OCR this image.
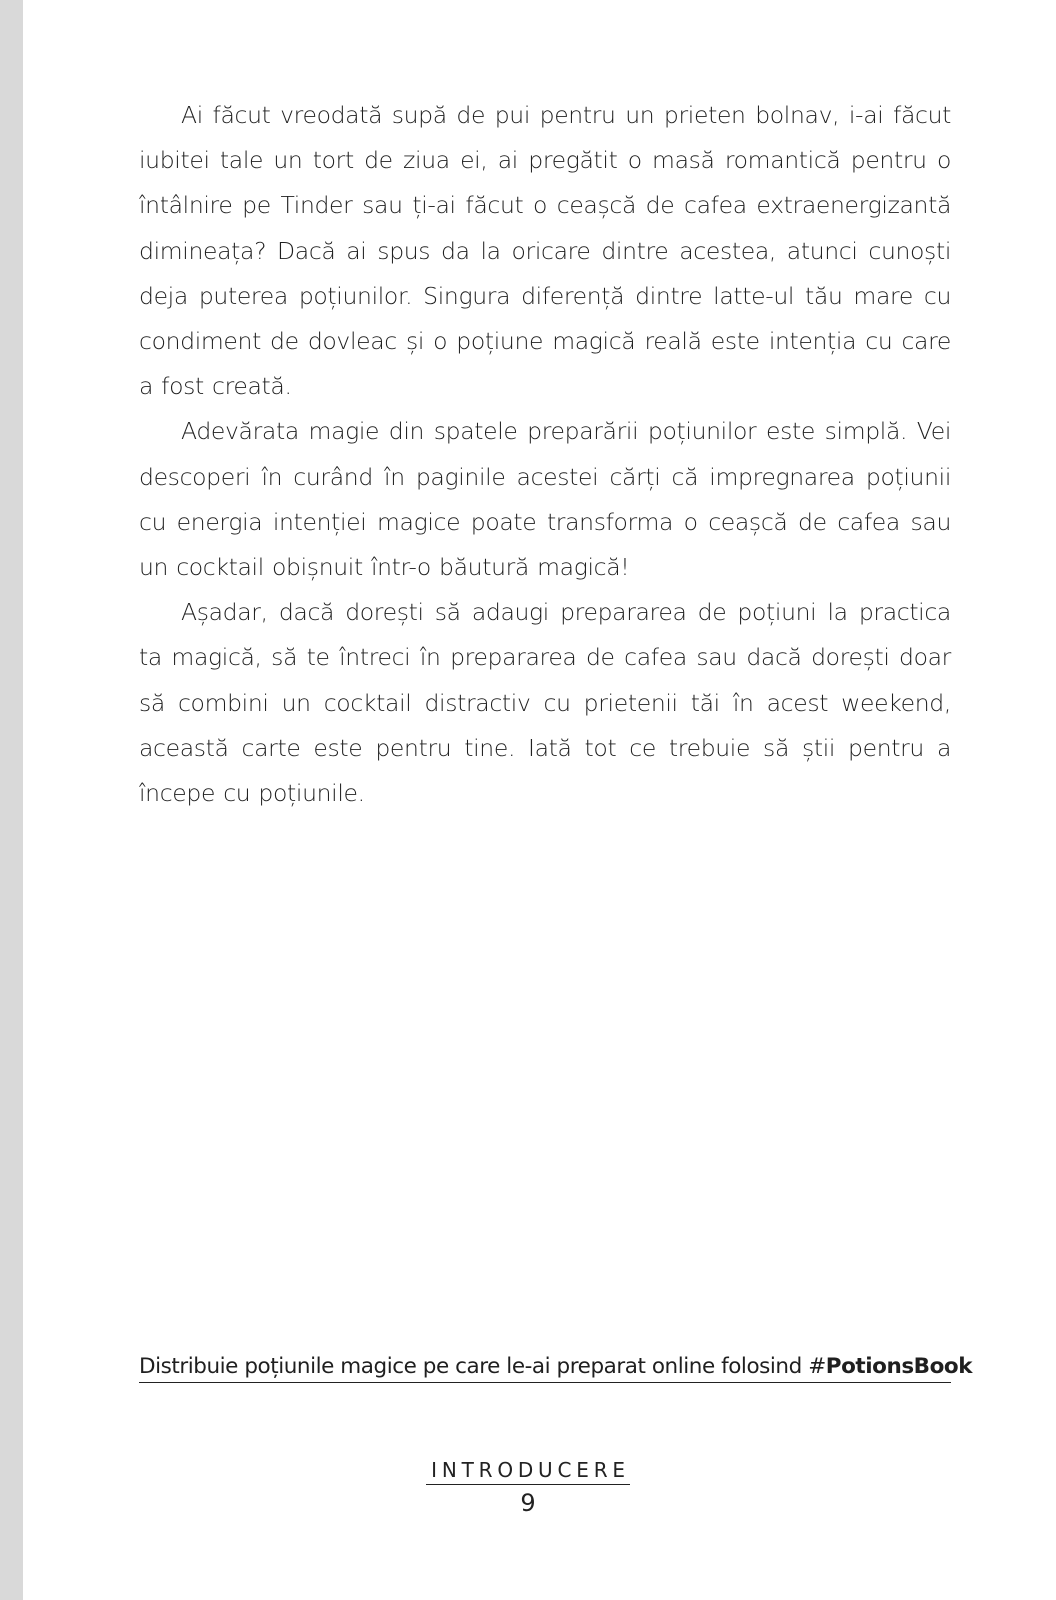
Ai făcut vreodată supă de pui pentru un prieten bolnav, i-ai făcut iubitei tale un tort de ziua ei, ai pregătit o masă romantică pentru o întâlnire pe Tinder sau ți-ai făcut o ceașcă de cafea extraenergizantă dimineața? Dacă ai spus da la oricare dintre acestea, atunci cunoști deja puterea poțiunilor. Singura diferență dintre latte-ul tău mare cu condiment de dovleac și o poțiune magică reală este intenția cu care a fost creată.

Adevărata magie din spatele preparării poțiunilor este simplă. Vei descoperi în curând în paginile acestei cărți că impregnarea poțiunii cu energia intenției magice poate transforma o ceașcă de cafea sau un cocktail obișnuit într-o băutură magică!

Așadar, dacă dorești să adaugi prepararea de poțiuni la practica ta magică, să te întreci în prepararea de cafea sau dacă dorești doar să combini un cocktail distractiv cu prietenii tăi în acest weekend, această carte este pentru tine. Iată tot ce trebuie să știi pentru a începe cu poțiunile.

Distribuie poțiunile magice pe care le-ai preparat online folosind #PotionsBook
INTRODUCERE
9
